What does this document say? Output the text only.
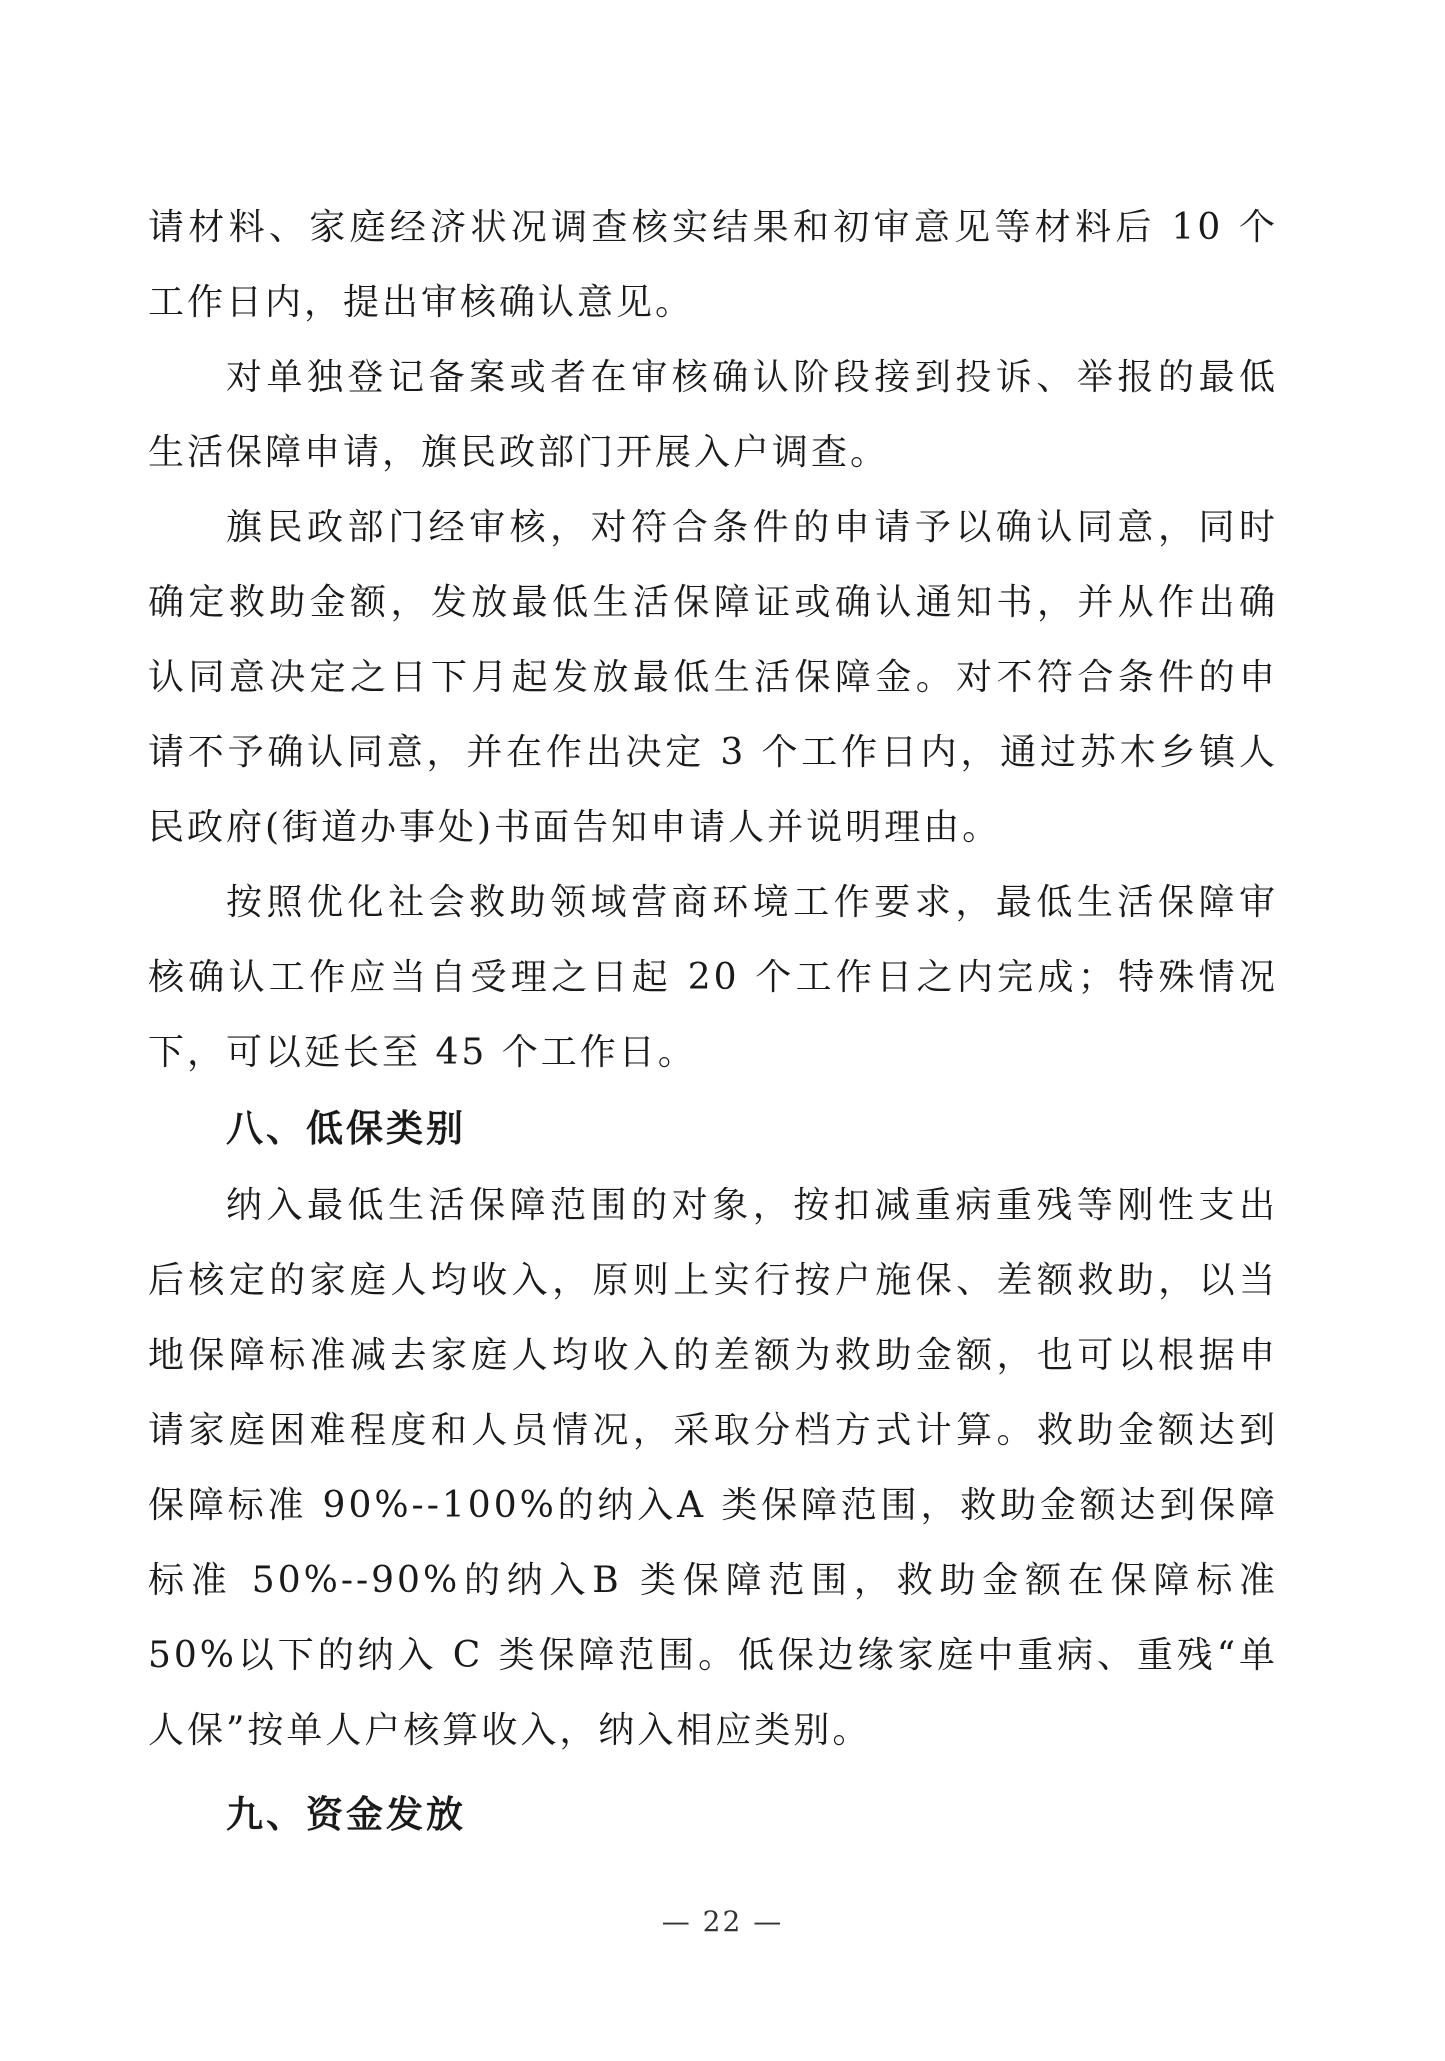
请材料、家庭经济状况调查核实结果和初审意见等材料后 10 个工作日内，提出审核确认意见。

对单独登记备案或者在审核确认阶段接到投诉、举报的最低生活保障申请，旗民政部门开展入户调查。

旗民政部门经审核，对符合条件的申请予以确认同意，同时确定救助金额，发放最低生活保障证或确认通知书，并从作出确认同意决定之日下月起发放最低生活保障金。对不符合条件的申请不予确认同意，并在作出决定 3 个工作日内，通过苏木乡镇人民政府(街道办事处)书面告知申请人并说明理由。

按照优化社会救助领域营商环境工作要求，最低生活保障审核确认工作应当自受理之日起 20 个工作日之内完成；特殊情况下，可以延长至 45 个工作日。

八、低保类别

纳入最低生活保障范围的对象，按扣减重病重残等刚性支出后核定的家庭人均收入，原则上实行按户施保、差额救助，以当地保障标准减去家庭人均收入的差额为救助金额，也可以根据申请家庭困难程度和人员情况，采取分档方式计算。救助金额达到保障标准 90%--100%的纳入A 类保障范围，救助金额达到保障标准 50%--90%的纳入B 类保障范围，救助金额在保障标准50%以下的纳入 C 类保障范围。低保边缘家庭中重病、重残“单人保”按单人户核算收入，纳入相应类别。

九、资金发放
— 22 —
